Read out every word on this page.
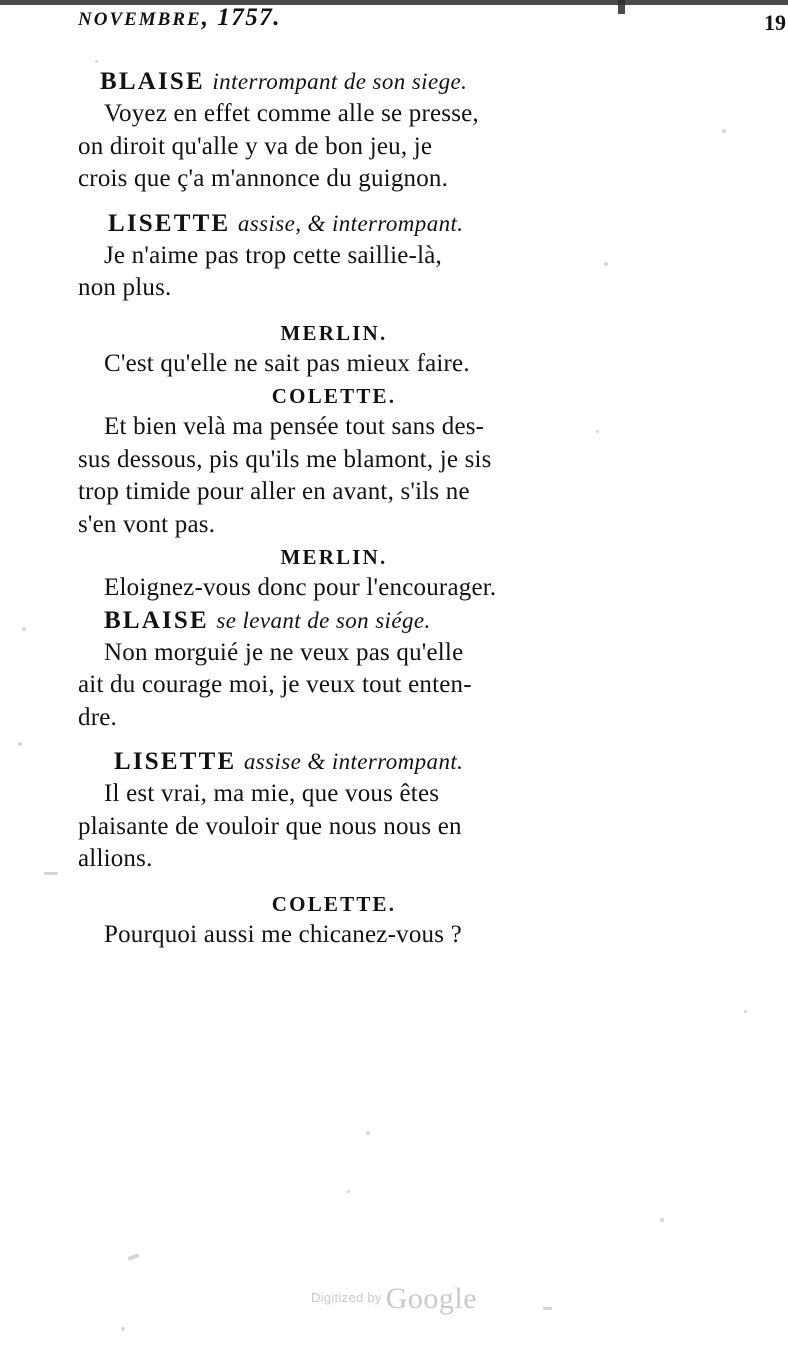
NOVEMBRE, 1757.	19
BLAISE interrompant de son siege.
Voyez en effet comme alle se presse,
on diroit qu'alle y va de bon jeu, je
crois que ç'a m'annonce du guignon.
LISETTE assise, & interrompant.
Je n'aime pas trop cette saillie-là,
non plus.
MERLIN.
C'est qu'elle ne sait pas mieux faire.
COLETTE.
Et bien velà ma pensée tout sans des-
sus dessous, pis qu'ils me blamont, je sis
trop timide pour aller en avant, s'ils ne
s'en vont pas.
MERLIN.
Eloignez-vous donc pour l'encourager.
BLAISE se levant de son siége.
Non morguié je ne veux pas qu'elle
ait du courage moi, je veux tout enten-
dre.
LISETTE assise & interrompant.
Il est vrai, ma mie, que vous êtes
plaisante de vouloir que nous nous en
allions.
COLETTE.
Pourquoi aussi me chicanez-vous ?
$^{Digitized by}$ Google
